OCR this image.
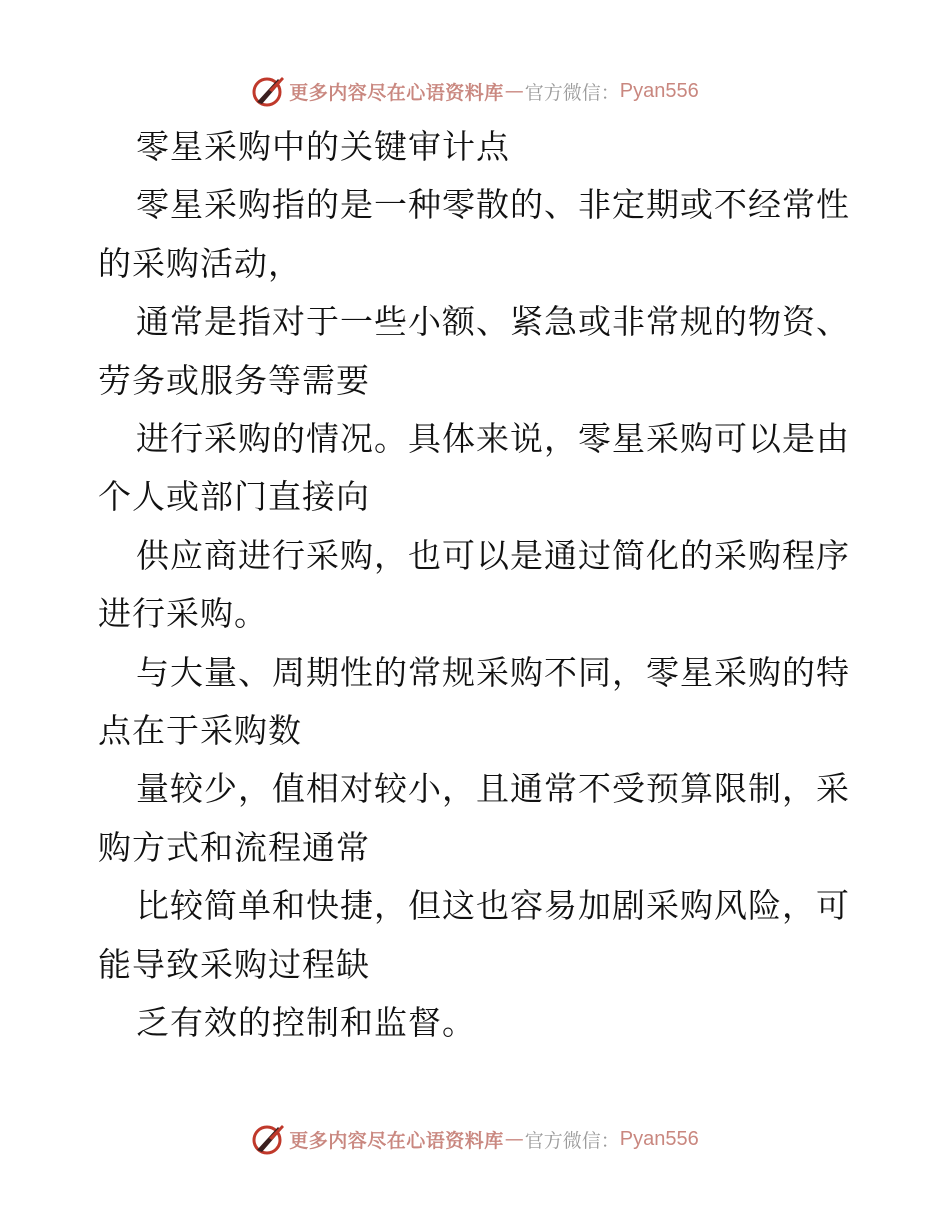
更多内容尽在心语资料库 — 官方微信： Pyan556

零星采购中的关键审计点

零星采购指的是一种零散的、非定期或不经常性

的采购活动，

通常是指对于一些小额、紧急或非常规的物资、

劳务或服务等需要

进行采购的情况。具体来说，零星采购可以是由

个人或部门直接向

供应商进行采购，也可以是通过简化的采购程序

进行采购。

与大量、周期性的常规采购不同，零星采购的特

点在于采购数

量较少，值相对较小，且通常不受预算限制，采

购方式和流程通常

比较简单和快捷，但这也容易加剧采购风险，可

能导致采购过程缺

乏有效的控制和监督。

更多内容尽在心语资料库 — 官方微信： Pyan556
